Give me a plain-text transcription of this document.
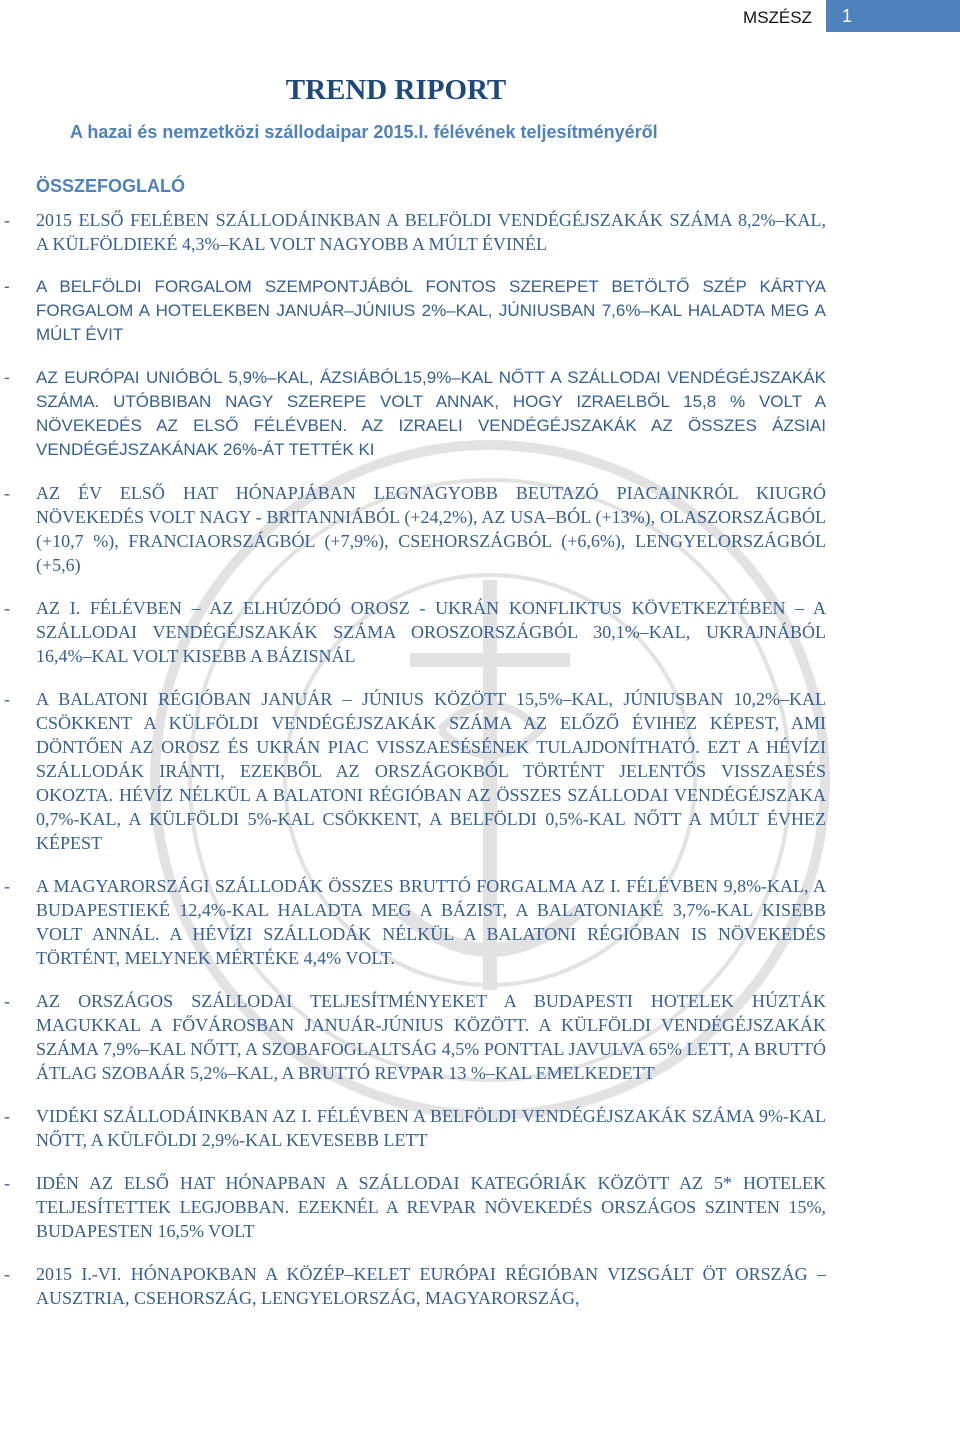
MSZÉSZ 1
TREND RIPORT
A hazai és nemzetközi szállodaipar 2015.I. félévének teljesítményéről
ÖSSZEFOGLALÓ
- 2015 ELSŐ FELÉBEN SZÁLLODÁINKBAN A BELFÖLDI VENDÉGÉJSZAKÁK SZÁMA 8,2%–KAL, A KÜLFÖLDIEKÉ 4,3%–KAL VOLT NAGYOBB A MÚLT ÉVINÉL
- A BELFÖLDI FORGALOM SZEMPONTJÁBÓL FONTOS SZEREPET BETÖLTŐ SZÉP KÁRTYA FORGALOM A HOTELEKBEN JANUÁR–JÚNIUS 2%–KAL, JÚNIUSBAN 7,6%–KAL HALADTA MEG A MÚLT ÉVIT
- AZ EURÓPAI UNIÓBÓL 5,9%–KAL, ÁZSIÁBÓL15,9%–KAL NŐTT A SZÁLLODAI VENDÉGÉJSZAKÁK SZÁMA. UTÓBBIBAN NAGY SZEREPE VOLT ANNAK, HOGY IZRAELBŐL 15,8 % VOLT A NÖVEKEDÉS AZ ELSŐ FÉLÉVBEN. AZ IZRAELI VENDÉGÉJSZAKÁK AZ ÖSSZES ÁZSIAI VENDÉGÉJSZAKÁNAK 26%-ÁT TETTÉK KI
- AZ ÉV ELSŐ HAT HÓNAPJÁBAN LEGNAGYOBB BEUTAZÓ PIACAINKRÓL KIUGRÓ NÖVEKEDÉS VOLT NAGY - BRITANNIÁBÓL (+24,2%), AZ USA–BÓL (+13%), OLASZORSZÁGBÓL (+10,7 %), FRANCIAORSZÁGBÓL (+7,9%), CSEHORSZÁGBÓL (+6,6%), LENGYELORSZÁGBÓL (+5,6)
- AZ I. FÉLÉVBEN – AZ ELHÚZÓDÓ OROSZ - UKRÁN KONFLIKTUS KÖVETKEZTÉBEN – A SZÁLLODAI VENDÉGÉJSZAKÁK SZÁMA OROSZORSZÁGBÓL 30,1%–KAL, UKRAJNÁBÓL 16,4%–KAL VOLT KISEBB A BÁZISNÁL
- A BALATONI RÉGIÓBAN JANUÁR – JÚNIUS KÖZÖTT 15,5%–KAL, JÚNIUSBAN 10,2%–KAL CSÖKKENT A KÜLFÖLDI VENDÉGÉJSZAKÁK SZÁMA AZ ELŐZŐ ÉVIHEZ KÉPEST, AMI DÖNTŐEN AZ OROSZ ÉS UKRÁN PIAC VISSZAESÉSÉNEK TULAJDONÍTHATÓ. EZT A HÉVÍZI SZÁLLODÁK IRÁNTI, EZEKBŐL AZ ORSZÁGOKBÓL TÖRTÉNT JELENTŐS VISSZAESÉS OKOZTA. HÉVÍZ NÉLKÜL A BALATONI RÉGIÓBAN AZ ÖSSZES SZÁLLODAI VENDÉGÉJSZAKA 0,7%-KAL, A KÜLFÖLDI 5%-KAL CSÖKKENT, A BELFÖLDI 0,5%-KAL NŐTT A MÚLT ÉVHEZ KÉPEST
- A MAGYARORSZÁGI SZÁLLODÁK ÖSSZES BRUTTÓ FORGALMA AZ I. FÉLÉVBEN 9,8%-KAL, A BUDAPESTIEKÉ 12,4%-KAL HALADTA MEG A BÁZIST, A BALATONIAKÉ 3,7%-KAL KISEBB VOLT ANNÁL. A HÉVÍZI SZÁLLODÁK NÉLKÜL A BALATONI RÉGIÓBAN IS NÖVEKEDÉS TÖRTÉNT, MELYNEK MÉRTÉKE 4,4% VOLT.
- AZ ORSZÁGOS SZÁLLODAI TELJESÍTMÉNYEKET A BUDAPESTI HOTELEK HÚZTÁK MAGUKKAL A FŐVÁROSBAN JANUÁR-JÚNIUS KÖZÖTT. A KÜLFÖLDI VENDÉGÉJSZAKÁK SZÁMA 7,9%–KAL NŐTT, A SZOBAFOGLALTSÁG 4,5% PONTTAL JAVULVA 65% LETT, A BRUTTÓ ÁTLAG SZOBAÁR 5,2%–KAL, A BRUTTÓ REVPAR 13 %–KAL EMELKEDETT
- VIDÉKI SZÁLLODÁINKBAN AZ I. FÉLÉVBEN A BELFÖLDI VENDÉGÉJSZAKÁK SZÁMA 9%-KAL NŐTT, A KÜLFÖLDI 2,9%-KAL KEVESEBB LETT
- IDÉN AZ ELSŐ HAT HÓNAPBAN A SZÁLLODAI KATEGÓRIÁK KÖZÖTT AZ 5* HOTELEK TELJESÍTETTEK LEGJOBBAN. EZEKNÉL A REVPAR NÖVEKEDÉS ORSZÁGOS SZINTEN 15%, BUDAPESTEN 16,5% VOLT
- 2015 I.-VI. HÓNAPOKBAN A KÖZÉP–KELET EURÓPAI RÉGIÓBAN VIZSGÁLT ÖT ORSZÁG – AUSZTRIA, CSEHORSZÁG, LENGYELORSZÁG, MAGYARORSZÁG,
